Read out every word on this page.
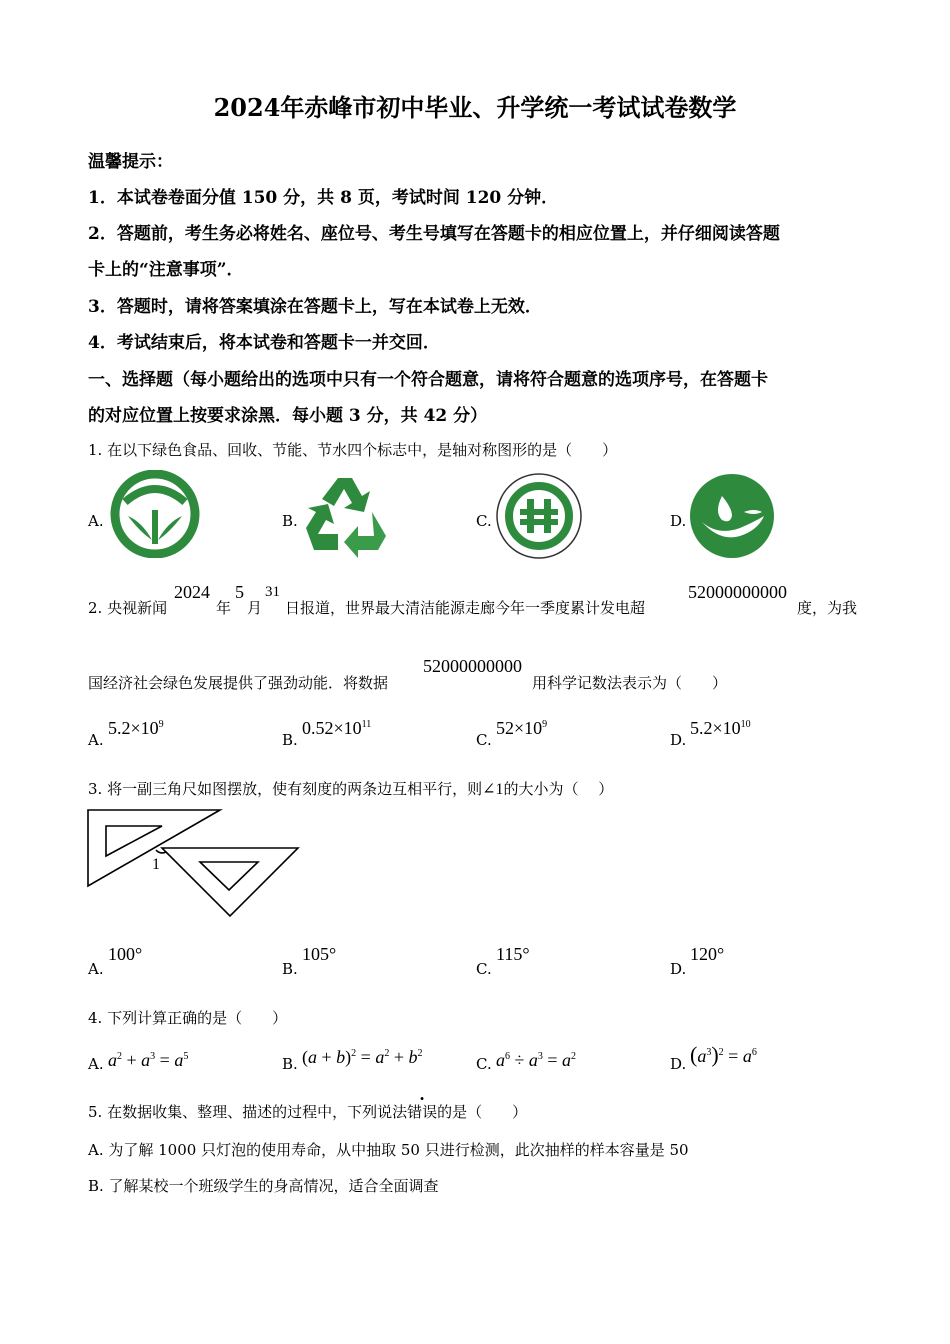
2024年赤峰市初中毕业、升学统一考试试卷数学
温馨提示：
1．本试卷卷面分值 150 分，共 8 页，考试时间 120 分钟．
2．答题前，考生务必将姓名、座位号、考生号填写在答题卡的相应位置上，并仔细阅读答题
卡上的“注意事项”．
3．答题时，请将答案填涂在答题卡上，写在本试卷上无效．
4．考试结束后，将本试卷和答题卡一并交回．
一、选择题（每小题给出的选项中只有一个符合题意，请将符合题意的选项序号，在答题卡
的对应位置上按要求涂黑．每小题 3 分，共 42 分）
1. 在以下绿色食品、回收、节能、节水四个标志中，是轴对称图形的是（　　）
A.	B.	C.	D.
2. 央视新闻
2024
年
5
月
31
日报道，世界最大清洁能源走廊今年一季度累计发电超
52000000000
度，为我
国经济社会绿色发展提供了强劲动能．将数据
52000000000
用科学记数法表示为（　　）
A.
$5.2\times 10^9$
B.
$0.52\times 10^{11}$
C.
$52\times 10^9$
D.
$5.2\times 10^{10}$
3. 将一副三角尺如图摆放，使有刻度的两条边互相平行，则∠1的大小为（　 ）
1
A.
100°
B.
105°
C.
115°
D.
120°
4. 下列计算正确的是（　　）
A. $a^2 + a^3 = a^5$	B. $(a + b)^2 = a^2 + b^2$
C. $a^6 \div a^3 = a^2$	D. $(a^3)^2 = a^6$
5. 在数据收集、整理、描述的过程中，下列说法错误的是（　　）
A. 为了解 1000 只灯泡的使用寿命，从中抽取 50 只进行检测，此次抽样的样本容量是 50
B. 了解某校一个班级学生的身高情况，适合全面调查
